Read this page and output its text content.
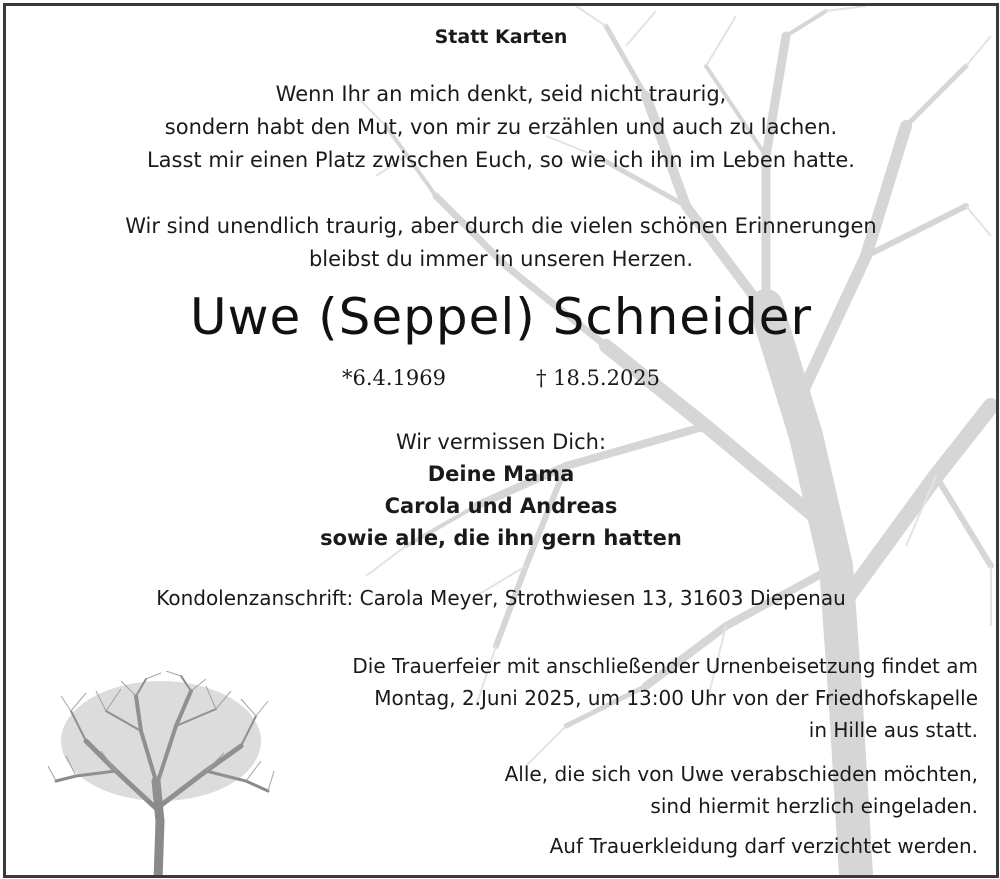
Statt Karten
Wenn Ihr an mich denkt, seid nicht traurig,
sondern habt den Mut, von mir zu erzählen und auch zu lachen.
Lasst mir einen Platz zwischen Euch, so wie ich ihn im Leben hatte.
Wir sind unendlich traurig, aber durch die vielen schönen Erinnerungen
bleibst du immer in unseren Herzen.
Uwe (Seppel) Schneider
*6.4.1969	† 18.5.2025
Wir vermissen Dich:
Deine Mama
Carola und Andreas
sowie alle, die ihn gern hatten
Kondolenzanschrift: Carola Meyer, Strothwiesen 13, 31603 Diepenau
Die Trauerfeier mit anschließender Urnenbeisetzung findet am
Montag, 2.Juni 2025, um 13:00 Uhr von der Friedhofskapelle
in Hille aus statt.
Alle, die sich von Uwe verabschieden möchten,
sind hiermit herzlich eingeladen.
Auf Trauerkleidung darf verzichtet werden.
